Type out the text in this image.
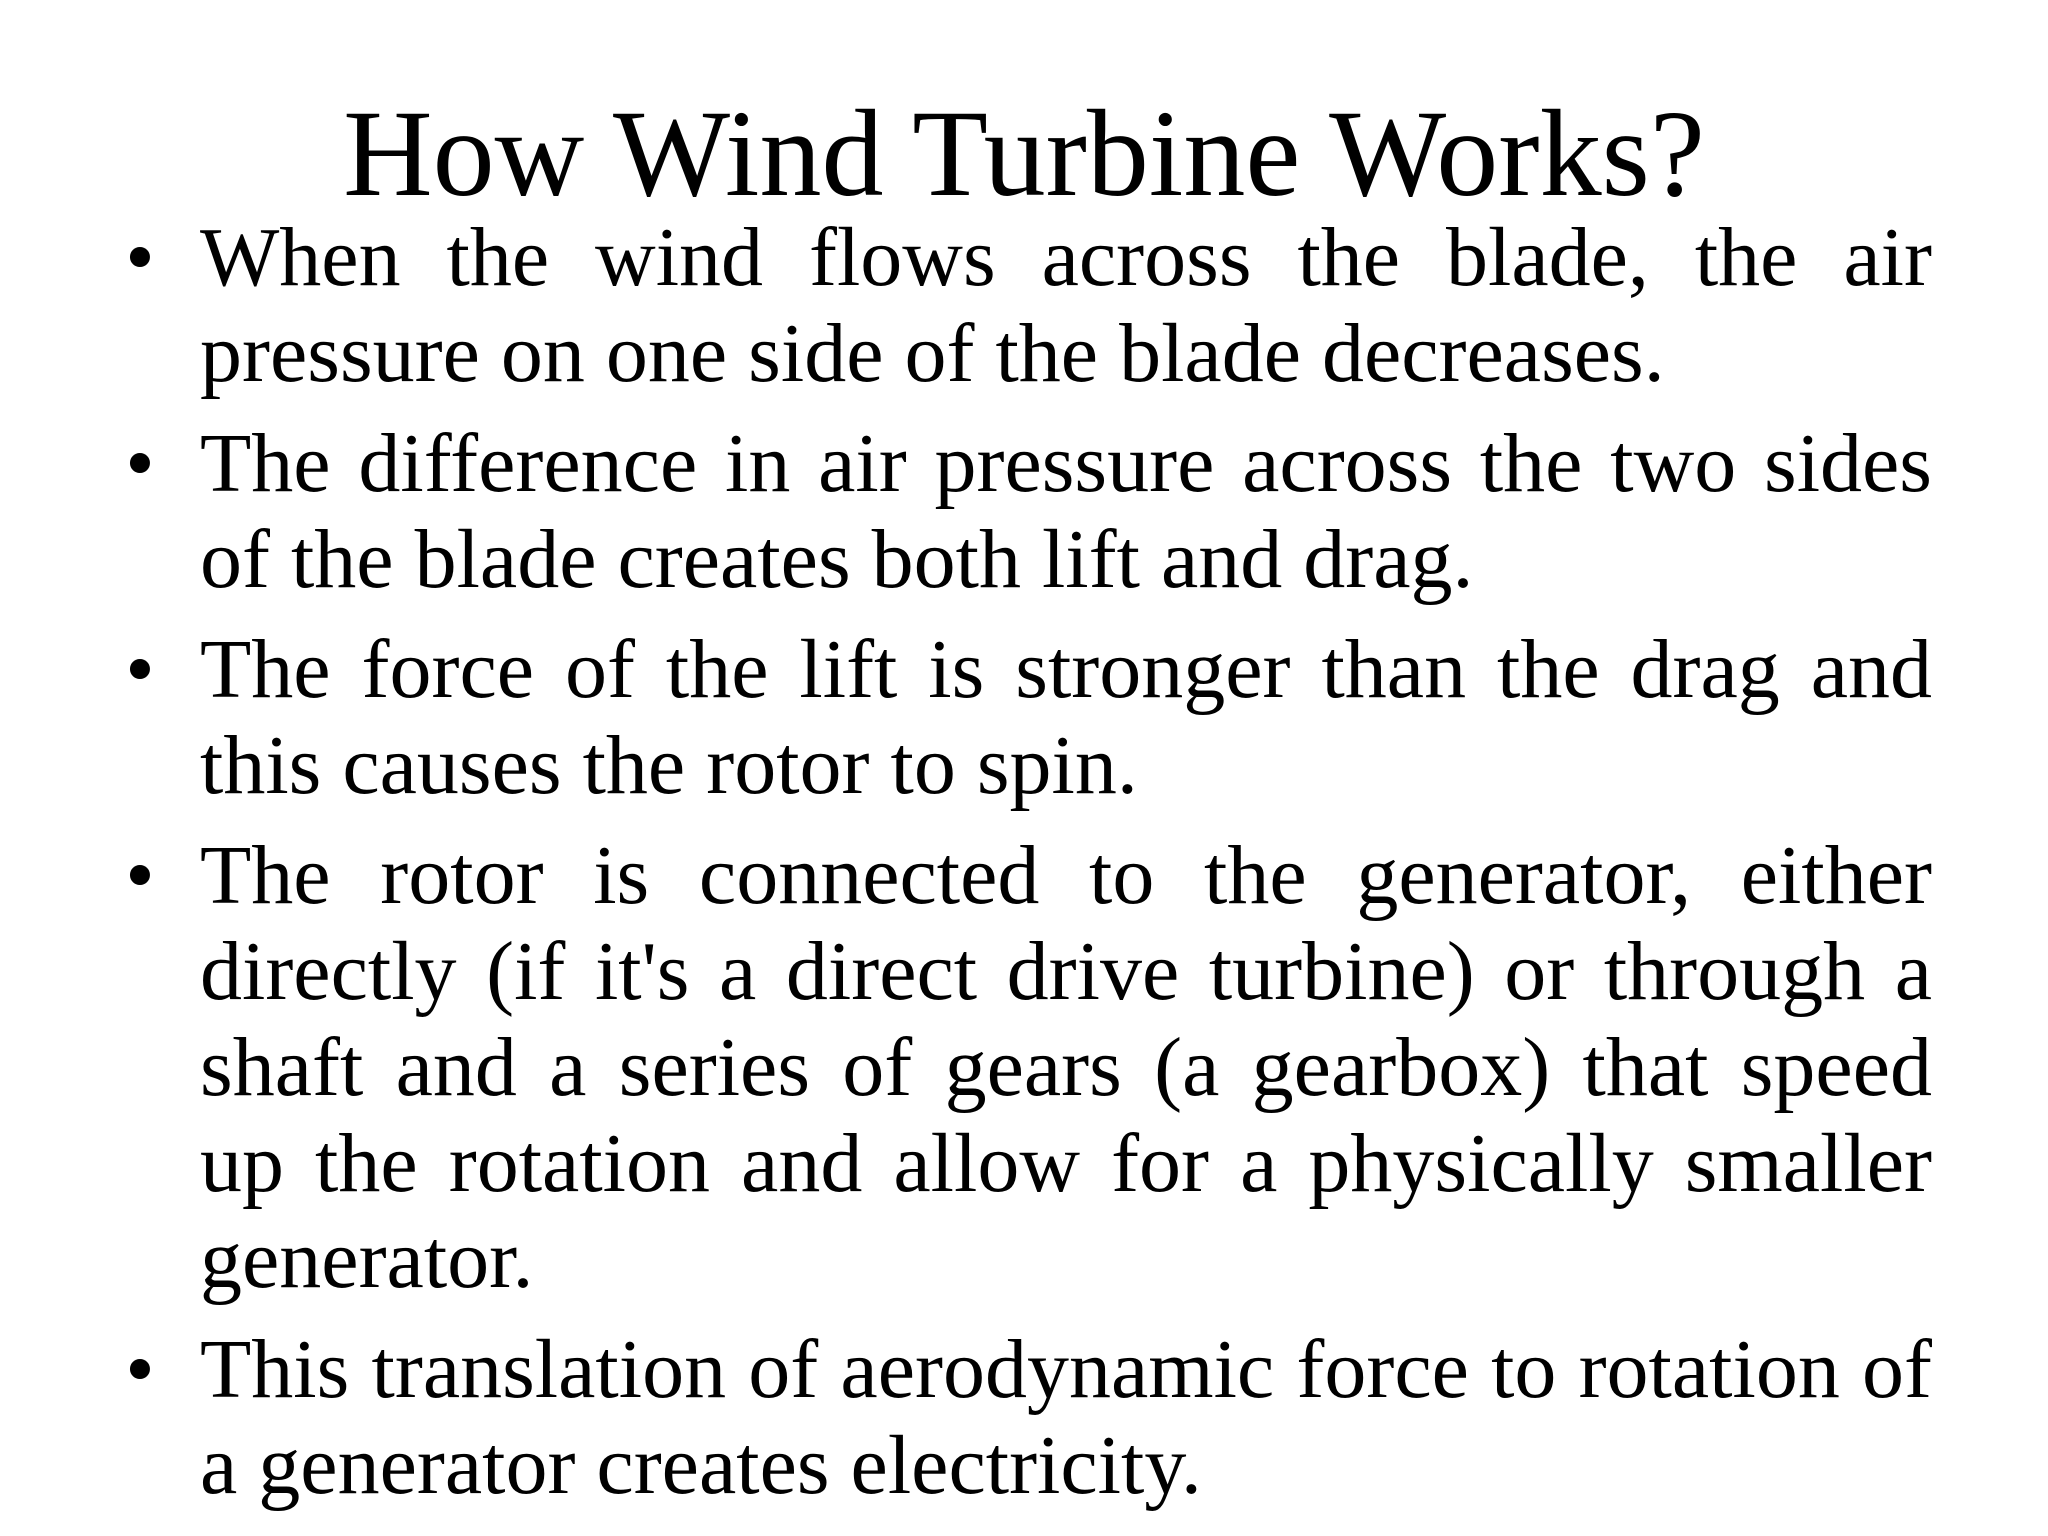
How Wind Turbine Works?
• When the wind flows across the blade, the air pressure on one side of the blade decreases.
• The difference in air pressure across the two sides of the blade creates both lift and drag.
• The force of the lift is stronger than the drag and this causes the rotor to spin.
• The rotor is connected to the generator, either directly (if it's a direct drive turbine) or through a shaft and a series of gears (a gearbox) that speed up the rotation and allow for a physically smaller generator.
• This translation of aerodynamic force to rotation of a generator creates electricity.
